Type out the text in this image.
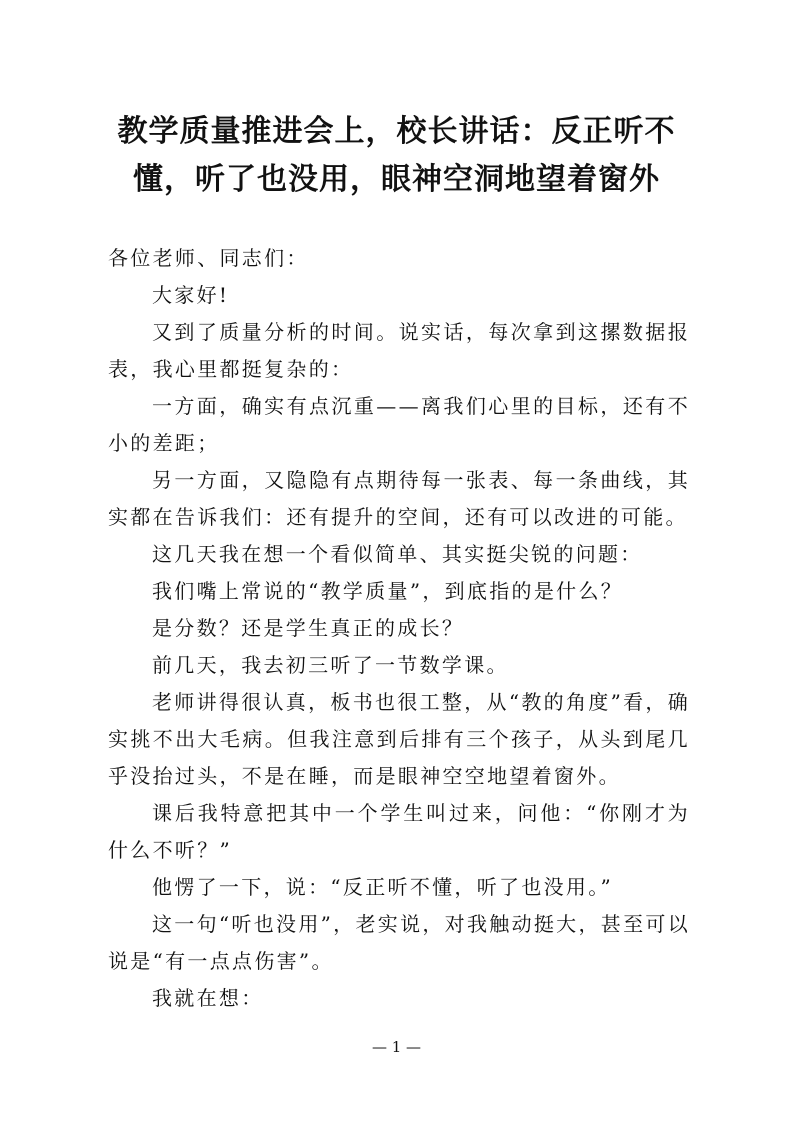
教学质量推进会上，校长讲话：反正听不懂，听了也没用，眼神空洞地望着窗外

各位老师、同志们：

大家好!

又到了质量分析的时间。说实话，每次拿到这摞数据报表，我心里都挺复杂的：

一方面，确实有点沉重——离我们心里的目标，还有不小的差距；

另一方面，又隐隐有点期待每一张表、每一条曲线，其实都在告诉我们：还有提升的空间，还有可以改进的可能。

这几天我在想一个看似简单、其实挺尖锐的问题：

我们嘴上常说的“教学质量”，到底指的是什么？

是分数？还是学生真正的成长？

前几天，我去初三听了一节数学课。

老师讲得很认真，板书也很工整，从“教的角度”看，确实挑不出大毛病。但我注意到后排有三个孩子，从头到尾几乎没抬过头，不是在睡，而是眼神空空地望着窗外。

课后我特意把其中一个学生叫过来，问他：“你刚才为什么不听？”

他愣了一下，说：“反正听不懂，听了也没用。”

这一句“听也没用”，老实说，对我触动挺大，甚至可以说是“有一点点伤害”。

我就在想：

— 1 —
